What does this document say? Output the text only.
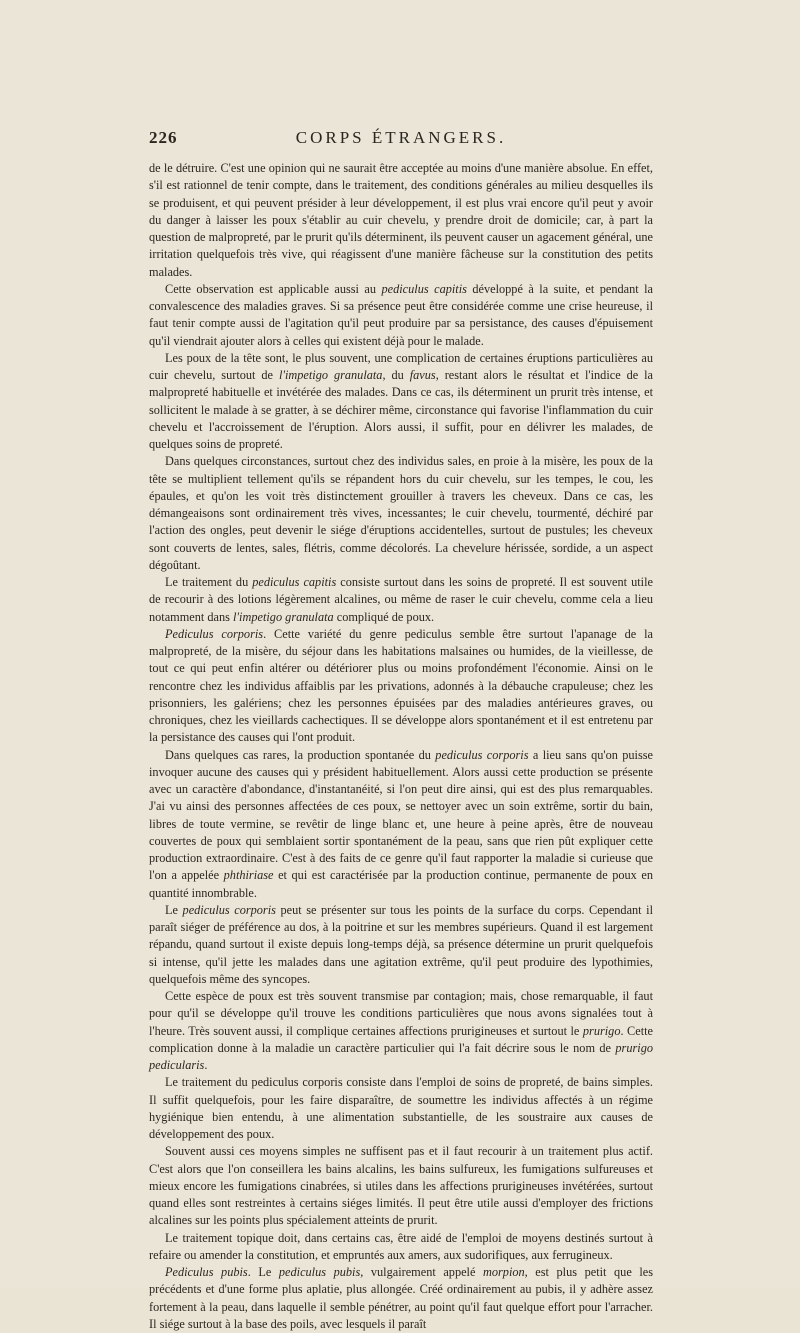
226	CORPS ÉTRANGERS.

de le détruire. C'est une opinion qui ne saurait être acceptée au moins d'une manière absolue. En effet, s'il est rationnel de tenir compte, dans le traitement, des conditions générales au milieu desquelles ils se produisent, et qui peuvent présider à leur développement, il est plus vrai encore qu'il peut y avoir du danger à laisser les poux s'établir au cuir chevelu, y prendre droit de domicile; car, à part la question de malpropreté, par le prurit qu'ils déterminent, ils peuvent causer un agacement général, une irritation quelquefois très vive, qui réagissent d'une manière fâcheuse sur la constitution des petits malades.

Cette observation est applicable aussi au pediculus capitis développé à la suite, et pendant la convalescence des maladies graves. Si sa présence peut être considérée comme une crise heureuse, il faut tenir compte aussi de l'agitation qu'il peut produire par sa persistance, des causes d'épuisement qu'il viendrait ajouter alors à celles qui existent déjà pour le malade.

Les poux de la tête sont, le plus souvent, une complication de certaines éruptions particulières au cuir chevelu, surtout de l'impetigo granulata, du favus, restant alors le résultat et l'indice de la malpropreté habituelle et invétérée des malades. Dans ce cas, ils déterminent un prurit très intense, et sollicitent le malade à se gratter, à se déchirer même, circonstance qui favorise l'inflammation du cuir chevelu et l'accroissement de l'éruption. Alors aussi, il suffit, pour en délivrer les malades, de quelques soins de propreté.

Dans quelques circonstances, surtout chez des individus sales, en proie à la misère, les poux de la tête se multiplient tellement qu'ils se répandent hors du cuir chevelu, sur les tempes, le cou, les épaules, et qu'on les voit très distinctement grouiller à travers les cheveux. Dans ce cas, les démangeaisons sont ordinairement très vives, incessantes; le cuir chevelu, tourmenté, déchiré par l'action des ongles, peut devenir le siége d'éruptions accidentelles, surtout de pustules; les cheveux sont couverts de lentes, sales, flétris, comme décolorés. La chevelure hérissée, sordide, a un aspect dégoûtant.

Le traitement du pediculus capitis consiste surtout dans les soins de propreté. Il est souvent utile de recourir à des lotions légèrement alcalines, ou même de raser le cuir chevelu, comme cela a lieu notamment dans l'impetigo granulata compliqué de poux.

Pediculus corporis. Cette variété du genre pediculus semble être surtout l'apanage de la malpropreté, de la misère, du séjour dans les habitations malsaines ou humides, de la vieillesse, de tout ce qui peut enfin altérer ou détériorer plus ou moins profondément l'économie. Ainsi on le rencontre chez les individus affaiblis par les privations, adonnés à la débauche crapuleuse; chez les prisonniers, les galériens; chez les personnes épuisées par des maladies antérieures graves, ou chroniques, chez les vieillards cachectiques. Il se développe alors spontanément et il est entretenu par la persistance des causes qui l'ont produit.

Dans quelques cas rares, la production spontanée du pediculus corporis a lieu sans qu'on puisse invoquer aucune des causes qui y président habituellement. Alors aussi cette production se présente avec un caractère d'abondance, d'instantanéité, si l'on peut dire ainsi, qui est des plus remarquables. J'ai vu ainsi des personnes affectées de ces poux, se nettoyer avec un soin extrême, sortir du bain, libres de toute vermine, se revêtir de linge blanc et, une heure à peine après, être de nouveau couvertes de poux qui semblaient sortir spontanément de la peau, sans que rien pût expliquer cette production extraordinaire. C'est à des faits de ce genre qu'il faut rapporter la maladie si curieuse que l'on a appelée phthiriase et qui est caractérisée par la production continue, permanente de poux en quantité innombrable.

Le pediculus corporis peut se présenter sur tous les points de la surface du corps. Cependant il paraît siéger de préférence au dos, à la poitrine et sur les membres supérieurs. Quand il est largement répandu, quand surtout il existe depuis long-temps déjà, sa présence détermine un prurit quelquefois si intense, qu'il jette les malades dans une agitation extrême, qu'il peut produire des lypothimies, quelquefois même des syncopes.

Cette espèce de poux est très souvent transmise par contagion; mais, chose remarquable, il faut pour qu'il se développe qu'il trouve les conditions particulières que nous avons signalées tout à l'heure. Très souvent aussi, il complique certaines affections prurigineuses et surtout le prurigo. Cette complication donne à la maladie un caractère particulier qui l'a fait décrire sous le nom de prurigo pedicularis.

Le traitement du pediculus corporis consiste dans l'emploi de soins de propreté, de bains simples. Il suffit quelquefois, pour les faire disparaître, de soumettre les individus affectés à un régime hygiénique bien entendu, à une alimentation substantielle, de les soustraire aux causes de développement des poux.

Souvent aussi ces moyens simples ne suffisent pas et il faut recourir à un traitement plus actif. C'est alors que l'on conseillera les bains alcalins, les bains sulfureux, les fumigations sulfureuses et mieux encore les fumigations cinabrées, si utiles dans les affections prurigineuses invétérées, surtout quand elles sont restreintes à certains siéges limités. Il peut être utile aussi d'employer des frictions alcalines sur les points plus spécialement atteints de prurit.

Le traitement topique doit, dans certains cas, être aidé de l'emploi de moyens destinés surtout à refaire ou amender la constitution, et empruntés aux amers, aux sudorifiques, aux ferrugineux.

Pediculus pubis. Le pediculus pubis, vulgairement appelé morpion, est plus petit que les précédents et d'une forme plus aplatie, plus allongée. Créé ordinairement au pubis, il y adhère assez fortement à la peau, dans laquelle il semble pénétrer, au point qu'il faut quelque effort pour l'arracher. Il siége surtout à la base des poils, avec lesquels il paraît
